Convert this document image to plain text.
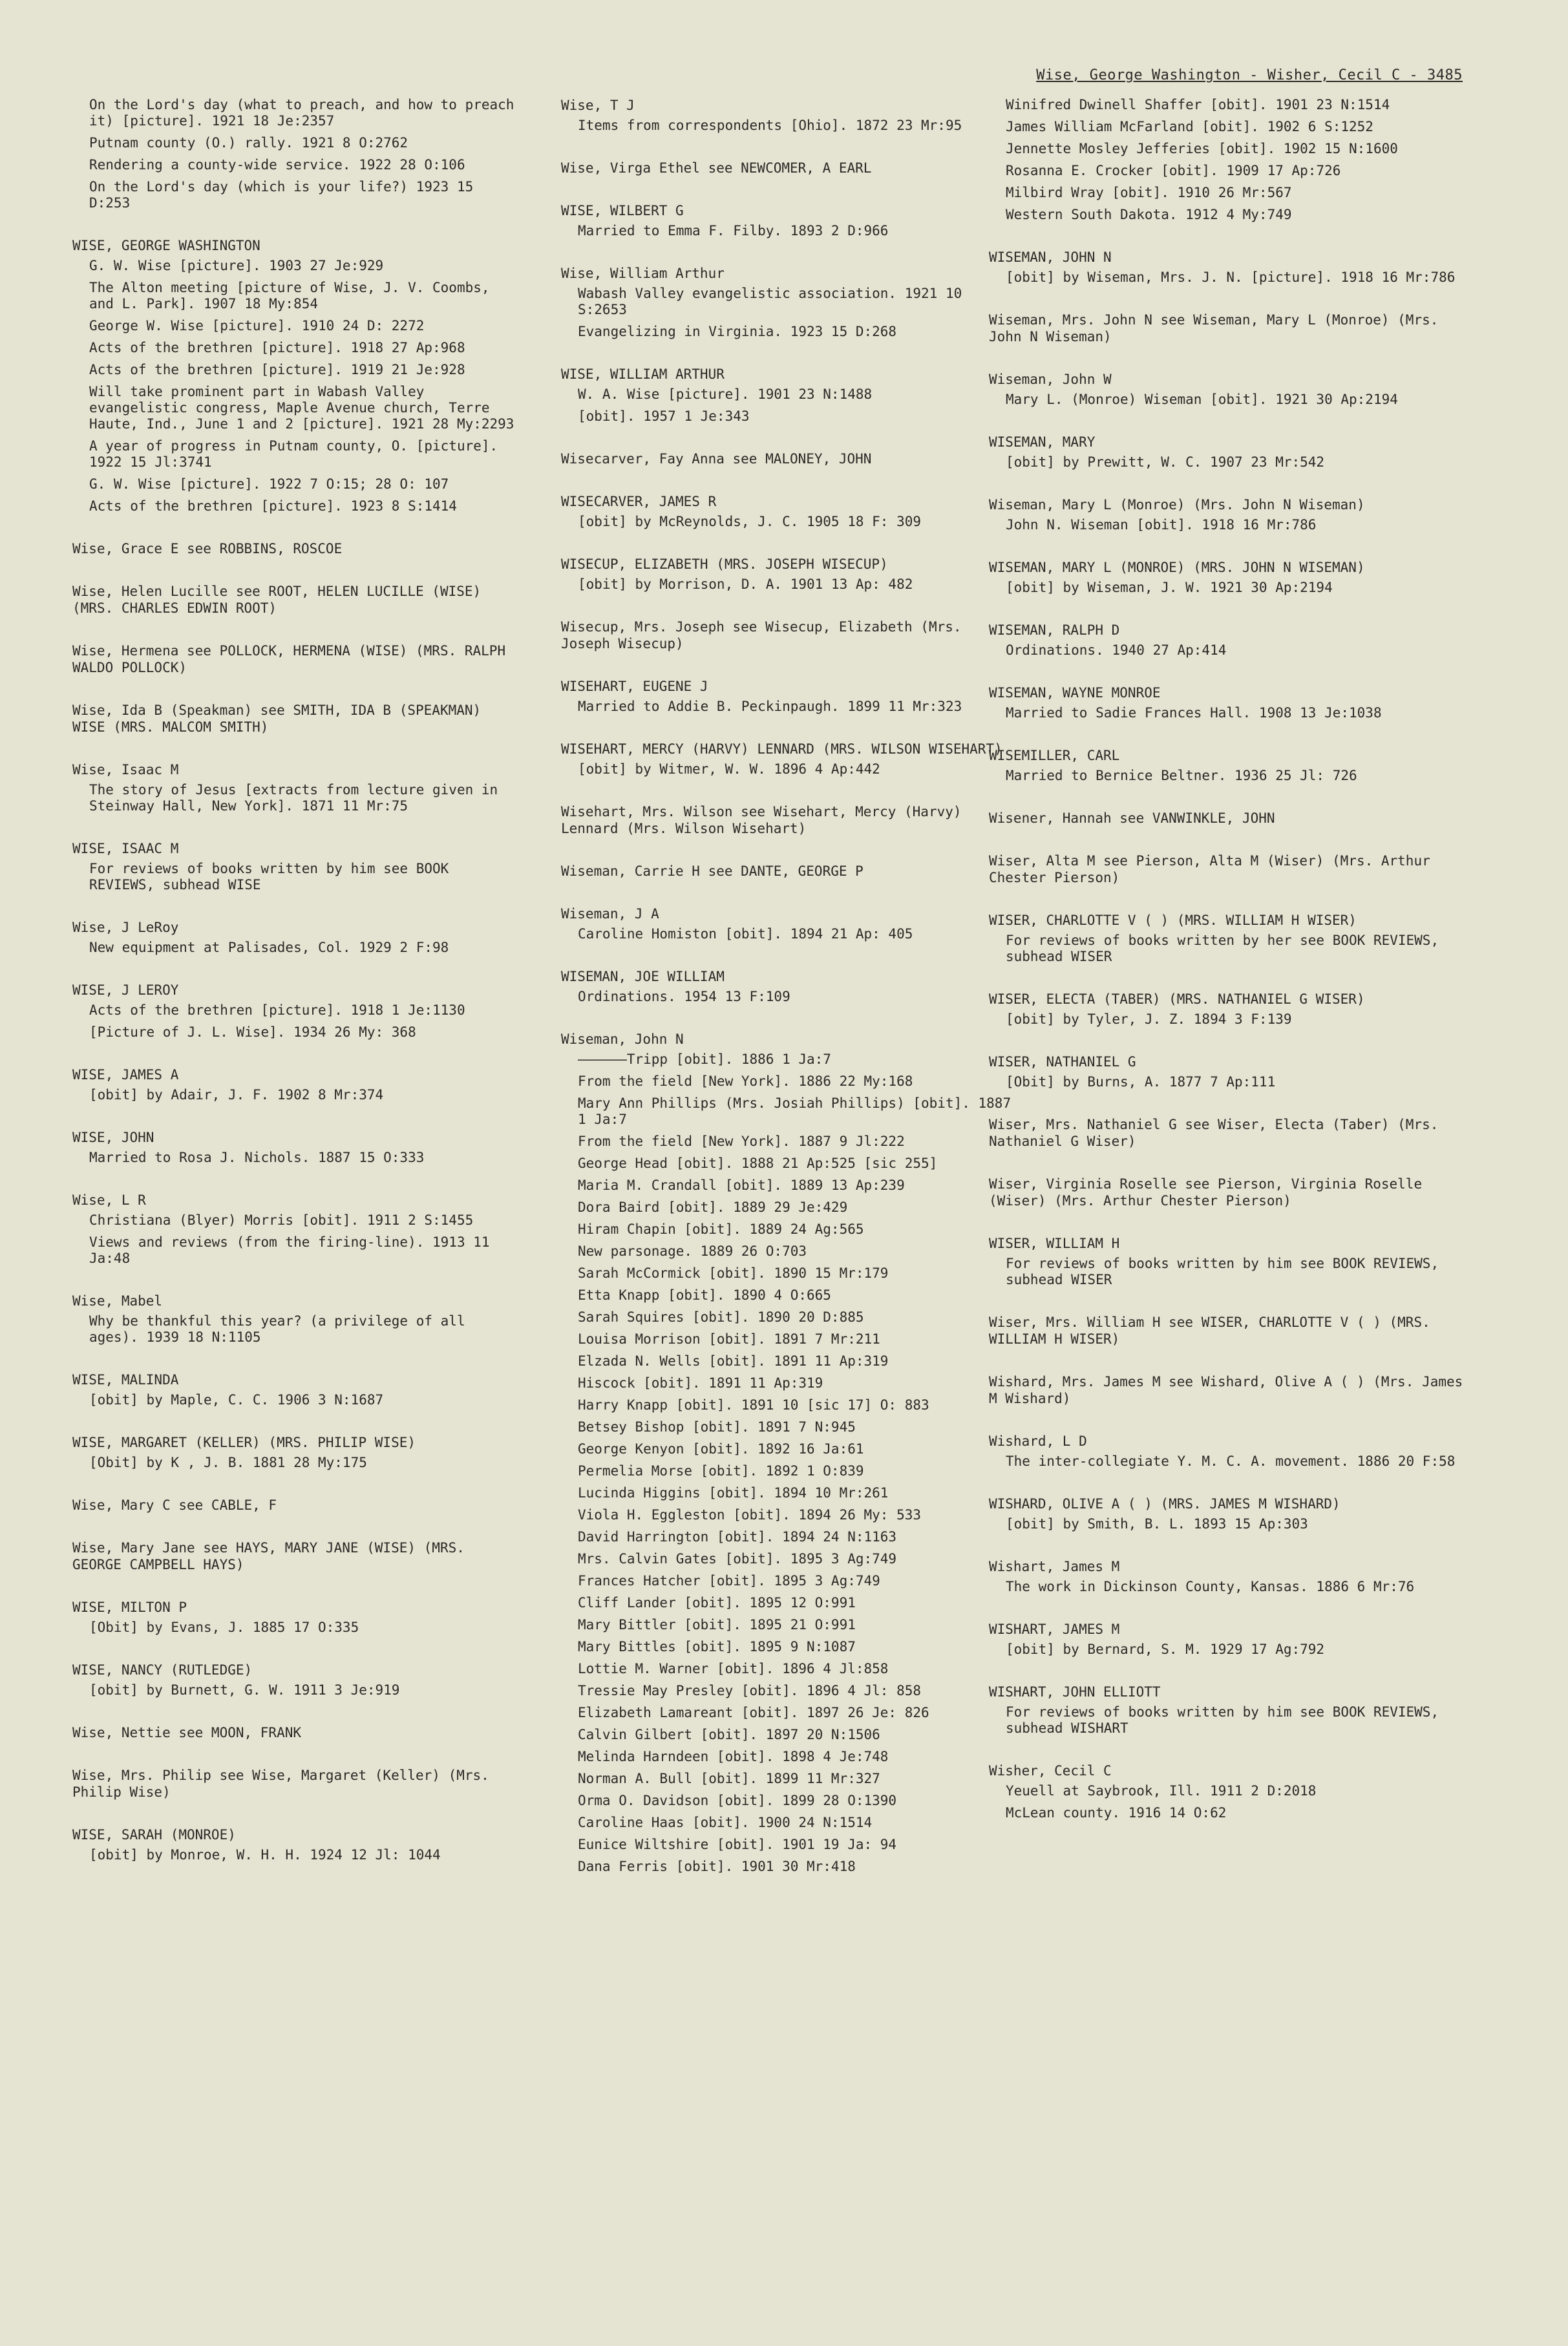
Wise, George Washington - Wisher, Cecil C - 3485
On the Lord's day (what to preach, and how to preach it) [picture]. 1921 18 Je:2357
Putnam county (O.) rally. 1921 8 O:2762
Rendering a county-wide service. 1922 28 O:106
On the Lord's day (which is your life?) 1923 15 D:253
WISE, GEORGE WASHINGTON
G. W. Wise [picture]. 1903 27 Je:929
The Alton meeting [picture of Wise, J. V. Coombs, and L. Park]. 1907 18 My:854
George W. Wise [picture]. 1910 24 D: 2272
Acts of the brethren [picture]. 1918 27 Ap:968
Acts of the brethren [picture]. 1919 21 Je:928
Will take prominent part in Wabash Valley evangelistic congress, Maple Avenue church, Terre Haute, Ind., June 1 and 2 [picture]. 1921 28 My:2293
A year of progress in Putnam county, O. [picture]. 1922 15 Jl:3741
G. W. Wise [picture]. 1922 7 O:15; 28 O: 107
Acts of the brethren [picture]. 1923 8 S:1414
Wise, Grace E see ROBBINS, ROSCOE
Wise, Helen Lucille see ROOT, HELEN LUCILLE (WISE) (MRS. CHARLES EDWIN ROOT)
Wise, Hermena see POLLOCK, HERMENA (WISE) (MRS. RALPH WALDO POLLOCK)
Wise, Ida B (Speakman) see SMITH, IDA B (SPEAKMAN) WISE (MRS. MALCOM SMITH)
Wise, Isaac M
The story of Jesus [extracts from lecture given in Steinway Hall, New York]. 1871 11 Mr:75
WISE, ISAAC M
For reviews of books written by him see BOOK REVIEWS, subhead WISE
Wise, J LeRoy
New equipment at Palisades, Col. 1929 2 F:98
WISE, J LEROY
Acts of the brethren [picture]. 1918 1 Je:1130
[Picture of J. L. Wise]. 1934 26 My: 368
WISE, JAMES A
[obit] by Adair, J. F. 1902 8 Mr:374
WISE, JOHN
Married to Rosa J. Nichols. 1887 15 O:333
Wise, L R
Christiana (Blyer) Morris [obit]. 1911 2 S:1455
Views and reviews (from the firing-line). 1913 11 Ja:48
Wise, Mabel
Why be thankful this year? (a privilege of all ages). 1939 18 N:1105
WISE, MALINDA
[obit] by Maple, C. C. 1906 3 N:1687
WISE, MARGARET (KELLER) (MRS. PHILIP WISE)
[Obit] by K , J. B. 1881 28 My:175
Wise, Mary C see CABLE, F
Wise, Mary Jane see HAYS, MARY JANE (WISE) (MRS. GEORGE CAMPBELL HAYS)
WISE, MILTON P
[Obit] by Evans, J. 1885 17 O:335
WISE, NANCY (RUTLEDGE)
[obit] by Burnett, G. W. 1911 3 Je:919
Wise, Nettie see MOON, FRANK
Wise, Mrs. Philip see Wise, Margaret (Keller) (Mrs. Philip Wise)
WISE, SARAH (MONROE)
[obit] by Monroe, W. H. H. 1924 12 Jl: 1044
Wise, T J
Items from correspondents [Ohio]. 1872 23 Mr:95
Wise, Virga Ethel see NEWCOMER, A EARL
WISE, WILBERT G
Married to Emma F. Filby. 1893 2 D:966
Wise, William Arthur
Wabash Valley evangelistic association. 1921 10 S:2653
Evangelizing in Virginia. 1923 15 D:268
WISE, WILLIAM ARTHUR
W. A. Wise [picture]. 1901 23 N:1488
[obit]. 1957 1 Je:343
Wisecarver, Fay Anna see MALONEY, JOHN
WISECARVER, JAMES R
[obit] by McReynolds, J. C. 1905 18 F: 309
WISECUP, ELIZABETH (MRS. JOSEPH WISECUP)
[obit] by Morrison, D. A. 1901 13 Ap: 482
Wisecup, Mrs. Joseph see Wisecup, Elizabeth (Mrs. Joseph Wisecup)
WISEHART, EUGENE J
Married to Addie B. Peckinpaugh. 1899 11 Mr:323
WISEHART, MERCY (HARVY) LENNARD (MRS. WILSON WISEHART)
[obit] by Witmer, W. W. 1896 4 Ap:442
Wisehart, Mrs. Wilson see Wisehart, Mercy (Harvy) Lennard (Mrs. Wilson Wisehart)
Wiseman, Carrie H see DANTE, GEORGE P
Wiseman, J A
Caroline Homiston [obit]. 1894 21 Ap: 405
WISEMAN, JOE WILLIAM
Ordinations. 1954 13 F:109
Wiseman, John N
——————Tripp [obit]. 1886 1 Ja:7
From the field [New York]. 1886 22 My:168
Mary Ann Phillips (Mrs. Josiah Phillips) [obit]. 1887 1 Ja:7
From the field [New York]. 1887 9 Jl:222
George Head [obit]. 1888 21 Ap:525 [sic 255]
Maria M. Crandall [obit]. 1889 13 Ap:239
Dora Baird [obit]. 1889 29 Je:429
Hiram Chapin [obit]. 1889 24 Ag:565
New parsonage. 1889 26 O:703
Sarah McCormick [obit]. 1890 15 Mr:179
Etta Knapp [obit]. 1890 4 O:665
Sarah Squires [obit]. 1890 20 D:885
Louisa Morrison [obit]. 1891 7 Mr:211
Elzada N. Wells [obit]. 1891 11 Ap:319
Hiscock [obit]. 1891 11 Ap:319
Harry Knapp [obit]. 1891 10 [sic 17] O: 883
Betsey Bishop [obit]. 1891 7 N:945
George Kenyon [obit]. 1892 16 Ja:61
Permelia Morse [obit]. 1892 1 O:839
Lucinda Higgins [obit]. 1894 10 Mr:261
Viola H. Eggleston [obit]. 1894 26 My: 533
David Harrington [obit]. 1894 24 N:1163
Mrs. Calvin Gates [obit]. 1895 3 Ag:749
Frances Hatcher [obit]. 1895 3 Ag:749
Cliff Lander [obit]. 1895 12 O:991
Mary Bittler [obit]. 1895 21 O:991
Mary Bittles [obit]. 1895 9 N:1087
Lottie M. Warner [obit]. 1896 4 Jl:858
Tressie May Presley [obit]. 1896 4 Jl: 858
Elizabeth Lamareant [obit]. 1897 26 Je: 826
Calvin Gilbert [obit]. 1897 20 N:1506
Melinda Harndeen [obit]. 1898 4 Je:748
Norman A. Bull [obit]. 1899 11 Mr:327
Orma O. Davidson [obit]. 1899 28 O:1390
Caroline Haas [obit]. 1900 24 N:1514
Eunice Wiltshire [obit]. 1901 19 Ja: 94
Dana Ferris [obit]. 1901 30 Mr:418
Winifred Dwinell Shaffer [obit]. 1901 23 N:1514
James William McFarland [obit]. 1902 6 S:1252
Jennette Mosley Jefferies [obit]. 1902 15 N:1600
Rosanna E. Crocker [obit]. 1909 17 Ap:726
Milbird Wray [obit]. 1910 26 Mr:567
Western South Dakota. 1912 4 My:749
WISEMAN, JOHN N
[obit] by Wiseman, Mrs. J. N. [picture]. 1918 16 Mr:786
Wiseman, Mrs. John N see Wiseman, Mary L (Monroe) (Mrs. John N Wiseman)
Wiseman, John W
Mary L. (Monroe) Wiseman [obit]. 1921 30 Ap:2194
WISEMAN, MARY
[obit] by Prewitt, W. C. 1907 23 Mr:542
Wiseman, Mary L (Monroe) (Mrs. John N Wiseman)
John N. Wiseman [obit]. 1918 16 Mr:786
WISEMAN, MARY L (MONROE) (MRS. JOHN N WISEMAN)
[obit] by Wiseman, J. W. 1921 30 Ap:2194
WISEMAN, RALPH D
Ordinations. 1940 27 Ap:414
WISEMAN, WAYNE MONROE
Married to Sadie Frances Hall. 1908 13 Je:1038
WISEMILLER, CARL
Married to Bernice Beltner. 1936 25 Jl: 726
Wisener, Hannah see VANWINKLE, JOHN
Wiser, Alta M see Pierson, Alta M (Wiser) (Mrs. Arthur Chester Pierson)
WISER, CHARLOTTE V ( ) (MRS. WILLIAM H WISER)
For reviews of books written by her see BOOK REVIEWS, subhead WISER
WISER, ELECTA (TABER) (MRS. NATHANIEL G WISER)
[obit] by Tyler, J. Z. 1894 3 F:139
WISER, NATHANIEL G
[Obit] by Burns, A. 1877 7 Ap:111
Wiser, Mrs. Nathaniel G see Wiser, Electa (Taber) (Mrs. Nathaniel G Wiser)
Wiser, Virginia Roselle see Pierson, Virginia Roselle (Wiser) (Mrs. Arthur Chester Pierson)
WISER, WILLIAM H
For reviews of books written by him see BOOK REVIEWS, subhead WISER
Wiser, Mrs. William H see WISER, CHARLOTTE V ( ) (MRS. WILLIAM H WISER)
Wishard, Mrs. James M see Wishard, Olive A ( ) (Mrs. James M Wishard)
Wishard, L D
The inter-collegiate Y. M. C. A. movement. 1886 20 F:58
WISHARD, OLIVE A ( ) (MRS. JAMES M WISHARD)
[obit] by Smith, B. L. 1893 15 Ap:303
Wishart, James M
The work in Dickinson County, Kansas. 1886 6 Mr:76
WISHART, JAMES M
[obit] by Bernard, S. M. 1929 17 Ag:792
WISHART, JOHN ELLIOTT
For reviews of books written by him see BOOK REVIEWS, subhead WISHART
Wisher, Cecil C
Yeuell at Saybrook, Ill. 1911 2 D:2018
McLean county. 1916 14 O:62
